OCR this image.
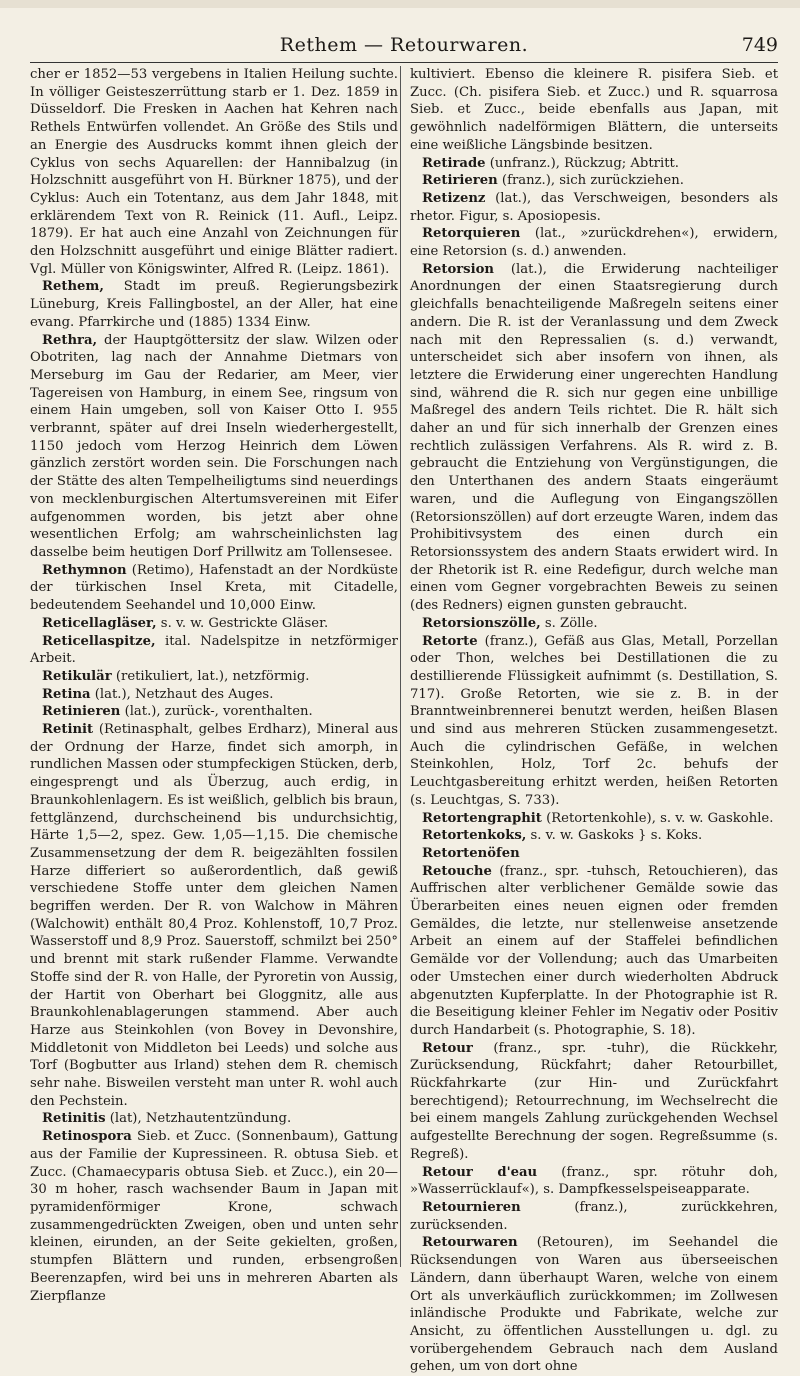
Rethem — Retourwaren.	749

cher er 1852—53 vergebens in Italien Heilung suchte. In völliger Geisteszerrüttung starb er 1. Dez. 1859 in Düsseldorf. Die Fresken in Aachen hat Kehren nach Rethels Entwürfen vollendet. An Größe des Stils und an Energie des Ausdrucks kommt ihnen gleich der Cyklus von sechs Aquarellen: der Hannibalzug (in Holzschnitt ausgeführt von H. Bürkner 1875), und der Cyklus: Auch ein Totentanz, aus dem Jahr 1848, mit erklärendem Text von R. Reinick (11. Aufl., Leipz. 1879). Er hat auch eine Anzahl von Zeichnungen für den Holzschnitt ausgeführt und einige Blätter radiert. Vgl. Müller von Königswinter, Alfred R. (Leipz. 1861).

Rethem, Stadt im preuß. Regierungsbezirk Lüneburg, Kreis Fallingbostel, an der Aller, hat eine evang. Pfarrkirche und (1885) 1334 Einw.

Rethra, der Hauptgöttersitz der slaw. Wilzen oder Obotriten, lag nach der Annahme Dietmars von Merseburg im Gau der Redarier, am Meer, vier Tagereisen von Hamburg, in einem See, ringsum von einem Hain umgeben, soll von Kaiser Otto I. 955 verbrannt, später auf drei Inseln wiederhergestellt, 1150 jedoch vom Herzog Heinrich dem Löwen gänzlich zerstört worden sein. Die Forschungen nach der Stätte des alten Tempelheiligtums sind neuerdings von mecklenburgischen Altertumsvereinen mit Eifer aufgenommen worden, bis jetzt aber ohne wesentlichen Erfolg; am wahrscheinlichsten lag dasselbe beim heutigen Dorf Prillwitz am Tollensesee.

Rethymnon (Retimo), Hafenstadt an der Nordküste der türkischen Insel Kreta, mit Citadelle, bedeutendem Seehandel und 10,000 Einw.

Reticellagläser, s. v. w. Gestrickte Gläser.

Reticellaspitze, ital. Nadelspitze in netzförmiger Arbeit.

Retikulär (retikuliert, lat.), netzförmig.

Retina (lat.), Netzhaut des Auges.

Retinieren (lat.), zurück-, vorenthalten.

Retinit (Retinasphalt, gelbes Erdharz), Mineral aus der Ordnung der Harze, findet sich amorph, in rundlichen Massen oder stumpfeckigen Stücken, derb, eingesprengt und als Überzug, auch erdig, in Braunkohlenlagern. Es ist weißlich, gelblich bis braun, fettglänzend, durchscheinend bis undurchsichtig, Härte 1,5—2, spez. Gew. 1,05—1,15. Die chemische Zusammensetzung der dem R. beigezählten fossilen Harze differiert so außerordentlich, daß gewiß verschiedene Stoffe unter dem gleichen Namen begriffen werden. Der R. von Walchow in Mähren (Walchowit) enthält 80,4 Proz. Kohlenstoff, 10,7 Proz. Wasserstoff und 8,9 Proz. Sauerstoff, schmilzt bei 250° und brennt mit stark rußender Flamme. Verwandte Stoffe sind der R. von Halle, der Pyroretin von Aussig, der Hartit von Oberhart bei Gloggnitz, alle aus Braunkohlenablagerungen stammend. Aber auch Harze aus Steinkohlen (von Bovey in Devonshire, Middletonit von Middleton bei Leeds) und solche aus Torf (Bogbutter aus Irland) stehen dem R. chemisch sehr nahe. Bisweilen versteht man unter R. wohl auch den Pechstein.

Retinitis (lat), Netzhautentzündung.

Retinospora Sieb. et Zucc. (Sonnenbaum), Gattung aus der Familie der Kupressineen. R. obtusa Sieb. et Zucc. (Chamaecyparis obtusa Sieb. et Zucc.), ein 20—30 m hoher, rasch wachsender Baum in Japan mit pyramidenförmiger Krone, schwach zusammengedrückten Zweigen, oben und unten sehr kleinen, eirunden, an der Seite gekielten, großen, stumpfen Blättern und runden, erbsengroßen Beerenzapfen, wird bei uns in mehreren Abarten als Zierpflanze

kultiviert. Ebenso die kleinere R. pisifera Sieb. et Zucc. (Ch. pisifera Sieb. et Zucc.) und R. squarrosa Sieb. et Zucc., beide ebenfalls aus Japan, mit gewöhnlich nadelförmigen Blättern, die unterseits eine weißliche Längsbinde besitzen.

Retirade (unfranz.), Rückzug; Abtritt.

Retirieren (franz.), sich zurückziehen.

Retizenz (lat.), das Verschweigen, besonders als rhetor. Figur, s. Aposiopesis.

Retorquieren (lat., »zurückdrehen«), erwidern, eine Retorsion (s. d.) anwenden.

Retorsion (lat.), die Erwiderung nachteiliger Anordnungen der einen Staatsregierung durch gleichfalls benachteiligende Maßregeln seitens einer andern. Die R. ist der Veranlassung und dem Zweck nach mit den Repressalien (s. d.) verwandt, unterscheidet sich aber insofern von ihnen, als letztere die Erwiderung einer ungerechten Handlung sind, während die R. sich nur gegen eine unbillige Maßregel des andern Teils richtet. Die R. hält sich daher an und für sich innerhalb der Grenzen eines rechtlich zulässigen Verfahrens. Als R. wird z. B. gebraucht die Entziehung von Vergünstigungen, die den Unterthanen des andern Staats eingeräumt waren, und die Auflegung von Eingangszöllen (Retorsionszöllen) auf dort erzeugte Waren, indem das Prohibitivsystem des einen durch ein Retorsionssystem des andern Staats erwidert wird. In der Rhetorik ist R. eine Redefigur, durch welche man einen vom Gegner vorgebrachten Beweis zu seinen (des Redners) eignen gunsten gebraucht.

Retorsionszölle, s. Zölle.

Retorte (franz.), Gefäß aus Glas, Metall, Porzellan oder Thon, welches bei Destillationen die zu destillierende Flüssigkeit aufnimmt (s. Destillation, S. 717). Große Retorten, wie sie z. B. in der Branntweinbrennerei benutzt werden, heißen Blasen und sind aus mehreren Stücken zusammengesetzt. Auch die cylindrischen Gefäße, in welchen Steinkohlen, Holz, Torf 2c. behufs der Leuchtgasbereitung erhitzt werden, heißen Retorten (s. Leuchtgas, S. 733).

Retortengraphit (Retortenkohle), s. v. w. Gaskohle.

Retortenkoks, s. v. w. Gaskoks } s. Koks.

Retortenöfen

Retouche (franz., spr. -tuhsch, Retouchieren), das Auffrischen alter verblichener Gemälde sowie das Überarbeiten eines neuen eignen oder fremden Gemäldes, die letzte, nur stellenweise ansetzende Arbeit an einem auf der Staffelei befindlichen Gemälde vor der Vollendung; auch das Umarbeiten oder Umstechen einer durch wiederholten Abdruck abgenutzten Kupferplatte. In der Photographie ist R. die Beseitigung kleiner Fehler im Negativ oder Positiv durch Handarbeit (s. Photographie, S. 18).

Retour (franz., spr. -tuhr), die Rückkehr, Zurücksendung, Rückfahrt; daher Retourbillet, Rückfahrkarte (zur Hin- und Zurückfahrt berechtigend); Retourrechnung, im Wechselrecht die bei einem mangels Zahlung zurückgehenden Wechsel aufgestellte Berechnung der sogen. Regreßsumme (s. Regreß).

Retour d'eau (franz., spr. rötuhr doh, »Wasserrücklauf«), s. Dampfkesselspeiseapparate.

Retournieren (franz.), zurückkehren, zurücksenden.

Retourwaren (Retouren), im Seehandel die Rücksendungen von Waren aus überseeischen Ländern, dann überhaupt Waren, welche von einem Ort als unverkäuflich zurückkommen; im Zollwesen inländische Produkte und Fabrikate, welche zur Ansicht, zu öffentlichen Ausstellungen u. dgl. zu vorübergehendem Gebrauch nach dem Ausland gehen, um von dort ohne
